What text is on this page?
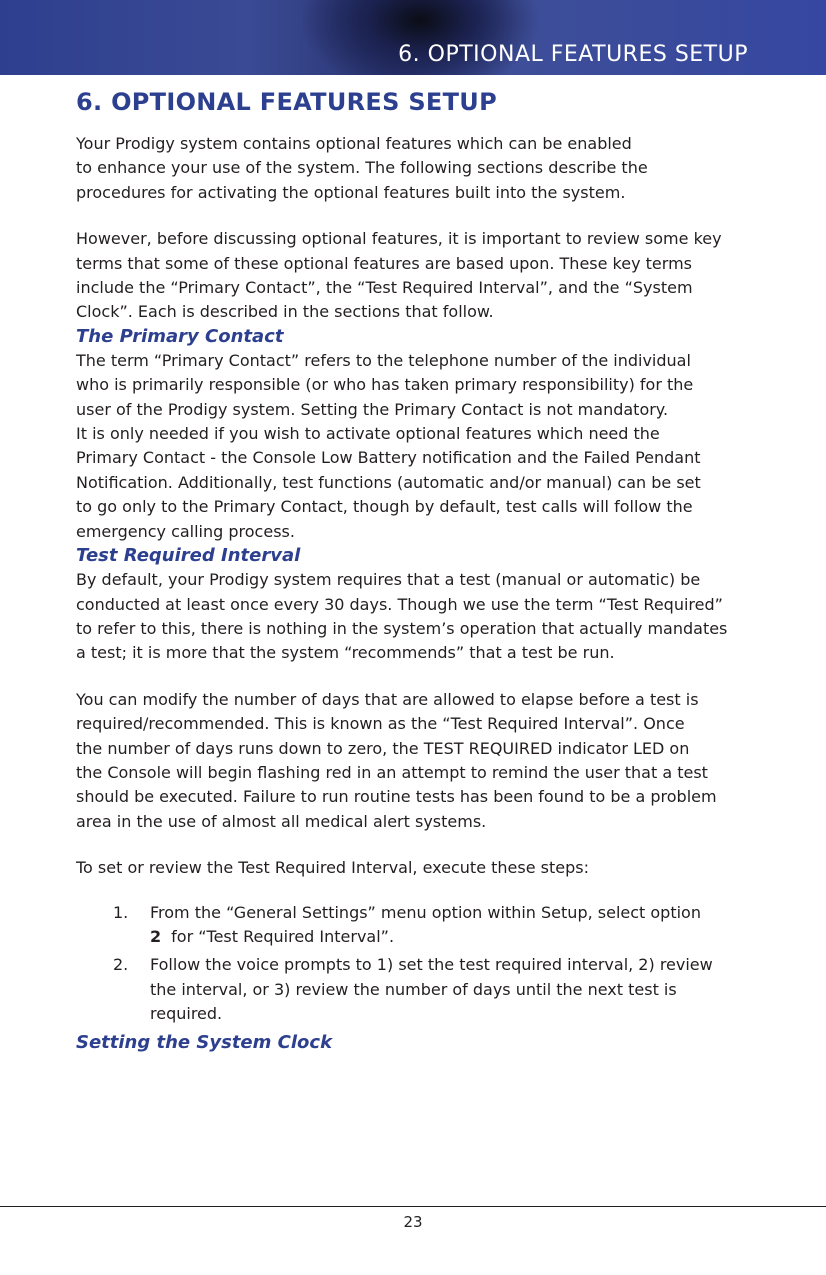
6. OPTIONAL FEATURES SETUP
6. OPTIONAL FEATURES SETUP

Your Prodigy system contains optional features which can be enabled
to enhance your use of the system. The following sections describe the
procedures for activating the optional features built into the system.

However, before discussing optional features, it is important to review some key
terms that some of these optional features are based upon. These key terms
include the “Primary Contact”, the “Test Required Interval”, and the “System
Clock”. Each is described in the sections that follow.

The Primary Contact

The term “Primary Contact” refers to the telephone number of the individual
who is primarily responsible (or who has taken primary responsibility) for the
user of the Prodigy system. Setting the Primary Contact is not mandatory.
It is only needed if you wish to activate optional features which need the
Primary Contact - the Console Low Battery notification and the Failed Pendant
Notification. Additionally, test functions (automatic and/or manual) can be set
to go only to the Primary Contact, though by default, test calls will follow the
emergency calling process.

Test Required Interval

By default, your Prodigy system requires that a test (manual or automatic) be
conducted at least once every 30 days. Though we use the term “Test Required”
to refer to this, there is nothing in the system’s operation that actually mandates
a test; it is more that the system “recommends” that a test be run.

You can modify the number of days that are allowed to elapse before a test is
required/recommended. This is known as the “Test Required Interval”. Once
the number of days runs down to zero, the TEST REQUIRED indicator LED on
the Console will begin flashing red in an attempt to remind the user that a test
should be executed. Failure to run routine tests has been found to be a problem
area in the use of almost all medical alert systems.

To set or review the Test Required Interval, execute these steps:

1. From the “General Settings” menu option within Setup, select option
2 for “Test Required Interval”.
2. Follow the voice prompts to 1) set the test required interval, 2) review
the interval, or 3) review the number of days until the next test is
required.
Setting the System Clock
23
